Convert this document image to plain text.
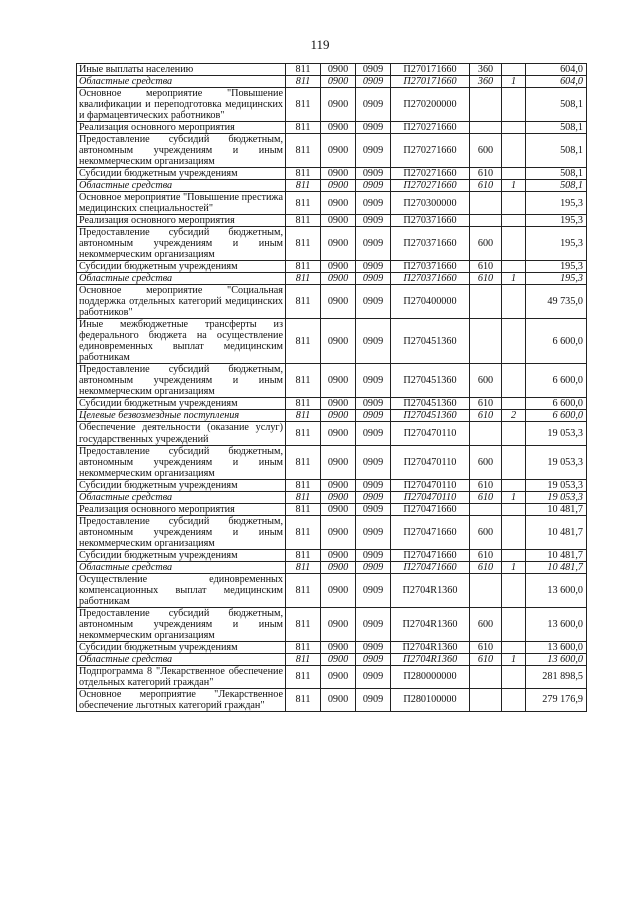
119
Иные выплаты населению	811	0900	0909	П270171660	360		604,0
Областные средства	811	0900	0909	П270171660	360	1	604,0
Основное мероприятие "Повышение квалификации и переподготовка медицинских и фармацевтических работников"	811	0900	0909	П270200000			508,1
Реализация основного мероприятия	811	0900	0909	П270271660			508,1
Предоставление субсидий бюджетным, автономным учреждениям и иным некоммерческим организациям	811	0900	0909	П270271660	600		508,1
Субсидии бюджетным учреждениям	811	0900	0909	П270271660	610		508,1
Областные средства	811	0900	0909	П270271660	610	1	508,1
Основное мероприятие "Повышение престижа медицинских специальностей"	811	0900	0909	П270300000			195,3
Реализация основного мероприятия	811	0900	0909	П270371660			195,3
Предоставление субсидий бюджетным, автономным учреждениям и иным некоммерческим организациям	811	0900	0909	П270371660	600		195,3
Субсидии бюджетным учреждениям	811	0900	0909	П270371660	610		195,3
Областные средства	811	0900	0909	П270371660	610	1	195,3
Основное мероприятие "Социальная поддержка отдельных категорий медицинских работников"	811	0900	0909	П270400000			49 735,0
Иные межбюджетные трансферты из федерального бюджета на осуществление единовременных выплат медицинским работникам	811	0900	0909	П270451360			6 600,0
Предоставление субсидий бюджетным, автономным учреждениям и иным некоммерческим организациям	811	0900	0909	П270451360	600		6 600,0
Субсидии бюджетным учреждениям	811	0900	0909	П270451360	610		6 600,0
Целевые безвозмездные поступления	811	0900	0909	П270451360	610	2	6 600,0
Обеспечение деятельности (оказание услуг) государственных учреждений	811	0900	0909	П270470110			19 053,3
Предоставление субсидий бюджетным, автономным учреждениям и иным некоммерческим организациям	811	0900	0909	П270470110	600		19 053,3
Субсидии бюджетным учреждениям	811	0900	0909	П270470110	610		19 053,3
Областные средства	811	0900	0909	П270470110	610	1	19 053,3
Реализация основного мероприятия	811	0900	0909	П270471660			10 481,7
Предоставление субсидий бюджетным, автономным учреждениям и иным некоммерческим организациям	811	0900	0909	П270471660	600		10 481,7
Субсидии бюджетным учреждениям	811	0900	0909	П270471660	610		10 481,7
Областные средства	811	0900	0909	П270471660	610	1	10 481,7
Осуществление единовременных компенсационных выплат медицинским работникам	811	0900	0909	П2704R1360			13 600,0
Предоставление субсидий бюджетным, автономным учреждениям и иным некоммерческим организациям	811	0900	0909	П2704R1360	600		13 600,0
Субсидии бюджетным учреждениям	811	0900	0909	П2704R1360	610		13 600,0
Областные средства	811	0900	0909	П2704R1360	610	1	13 600,0
Подпрограмма 8 "Лекарственное обеспечение отдельных категорий граждан"	811	0900	0909	П280000000			281 898,5
Основное мероприятие "Лекарственное обеспечение льготных категорий граждан"	811	0900	0909	П280100000			279 176,9
